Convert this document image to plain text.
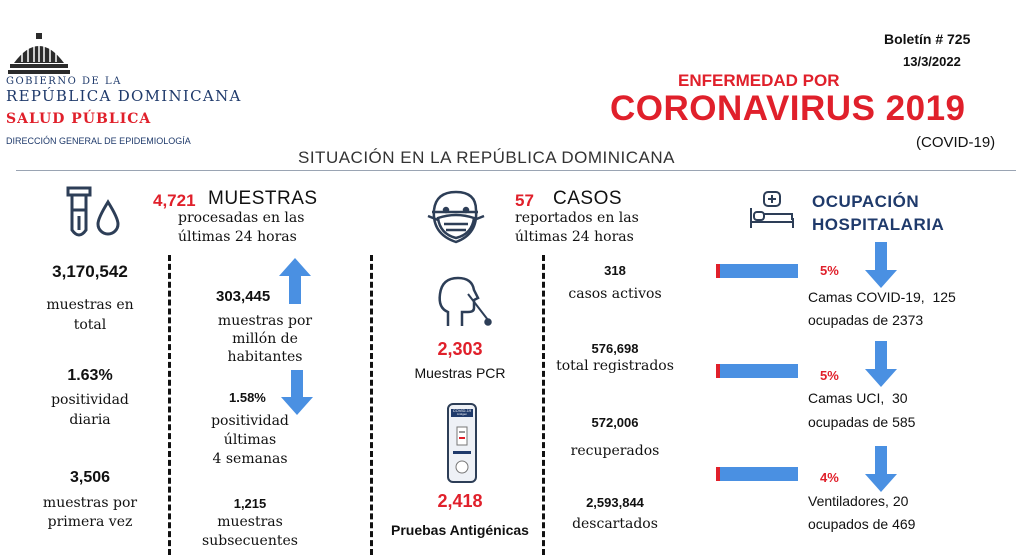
GOBIERNO DE LA
REPÚBLICA DOMINICANA
SALUD PÚBLICA
DIRECCIÓN GENERAL DE EPIDEMIOLOGÍA
Boletín # 725
13/3/2022
ENFERMEDAD POR
CORONAVIRUS 2019
(COVID-19)
SITUACIÓN EN LA REPÚBLICA DOMINICANA
4,721 MUESTRAS
procesadas en las
últimas 24 horas
3,170,542
muestras en
total
1.63%
positividad
diaria
3,506
muestras por
primera vez
303,445
muestras por
millón de
habitantes
1.58%
positividad
últimas
4 semanas
1,215
muestras
subsecuentes
2,303
Muestras PCR
COVID-19
Antigen
2,418
Pruebas Antigénicas
57 CASOS
reportados en las
últimas 24 horas
318
casos activos
576,698
total registrados
572,006
recuperados
2,593,844
descartados
OCUPACIÓN
HOSPITALARIA
5%
Camas COVID-19,  125
ocupadas de 2373
5%
Camas UCI,  30
ocupadas de 585
4%
Ventiladores, 20
ocupados de 469
